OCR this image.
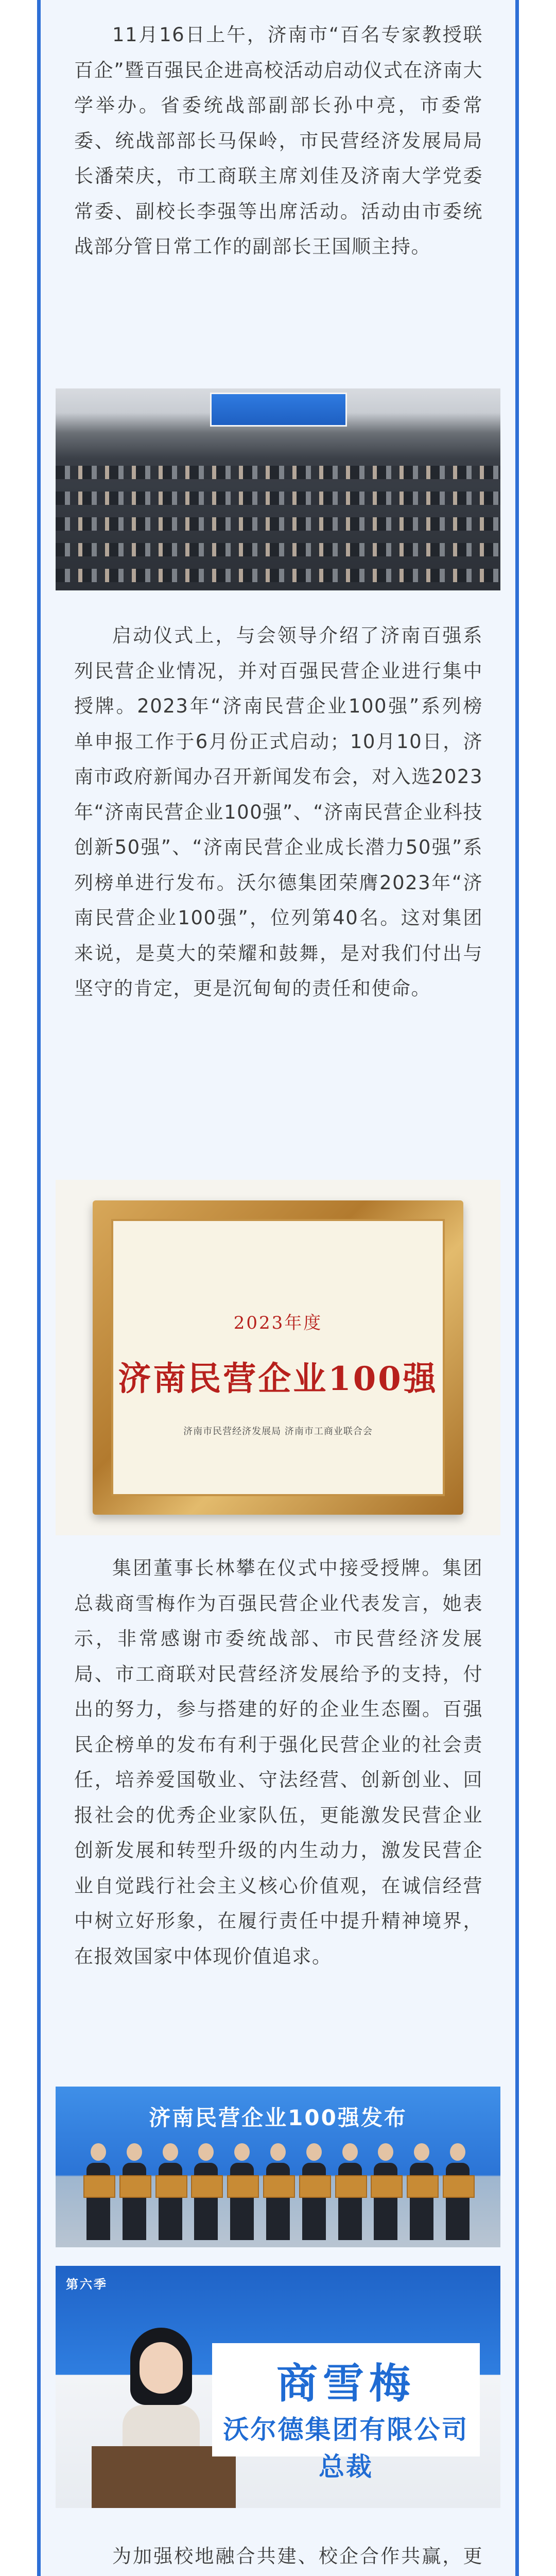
11月16日上午，济南市“百名专家教授联百企”暨百强民企进高校活动启动仪式在济南大学举办。省委统战部副部长孙中亮，市委常委、统战部部长马保岭，市民营经济发展局局长潘荣庆，市工商联主席刘佳及济南大学党委常委、副校长李强等出席活动。活动由市委统战部分管日常工作的副部长王国顺主持。

启动仪式上，与会领导介绍了济南百强系列民营企业情况，并对百强民营企业进行集中授牌。2023年“济南民营企业100强”系列榜单申报工作于6月份正式启动；10月10日，济南市政府新闻办召开新闻发布会，对入选2023年“济南民营企业100强”、“济南民营企业科技创新50强”、“济南民营企业成长潜力50强”系列榜单进行发布。沃尔德集团荣膺2023年“济南民营企业100强”，位列第40名。这对集团来说，是莫大的荣耀和鼓舞，是对我们付出与坚守的肯定，更是沉甸甸的责任和使命。

2023年度
济南民营企业100强
济南市民营经济发展局 济南市工商业联合会

集团董事长林攀在仪式中接受授牌。集团总裁商雪梅作为百强民营企业代表发言，她表示，非常感谢市委统战部、市民营经济发展局、市工商联对民营经济发展给予的支持，付出的努力，参与搭建的好的企业生态圈。百强民企榜单的发布有利于强化民营企业的社会责任，培养爱国敬业、守法经营、创新创业、回报社会的优秀企业家队伍，更能激发民营企业创新发展和转型升级的内生动力，激发民营企业自觉践行社会主义核心价值观，在诚信经营中树立好形象，在履行责任中提升精神境界，在报效国家中体现价值追求。

济南民营企业100强发布
第六季
商雪梅
沃尔德集团有限公司总裁

为加强校地融合共建、校企合作共赢，更
